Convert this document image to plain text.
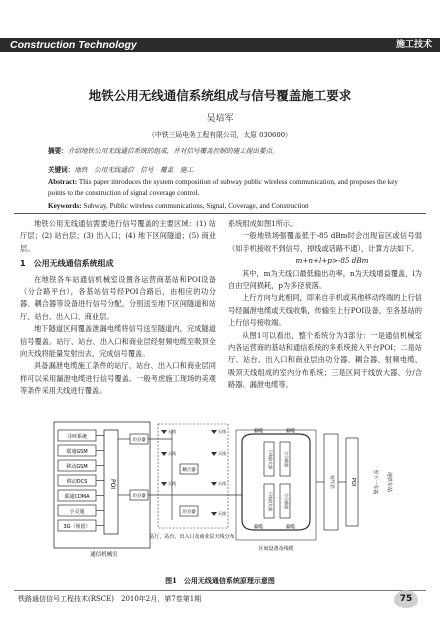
Construction Technology	施工技术
地铁公用无线通信系统组成与信号覆盖施工要求
吴培军
（中铁三局电务工程有限公司，太原 030600）
摘要：介绍地铁公用无线通信系统的组成，并对信号覆盖控制的施工提出要点。
关键词：地铁　公用无线通信　信号　覆盖　施工
Abstract: This paper introduces the system composition of subway public wireless communication, and proposes the key points to the construction of signal coverage control.
Keywords: Subway, Public wireless communications, Signal, Coverage, and Construction

地铁公用无线通信需要进行信号覆盖的主要区域：(1) 站厅层；(2) 站台层；(3) 出入口；(4) 地下区间隧道；(5) 商业层。

1　公用无线通信系统组成

在地铁各车站通信机械室设置各运营商基站和POI设备（分合路平台），各基站信号经POI合路后，由相应的功分器、耦合器等设备进行信号分配，分别送至地下区间隧道和站厅、站台、出入口、商业层。

地下隧道区间覆盖泄漏电缆将信号送至隧道内，完成隧道信号覆盖。站厅、站台、出入口和商业层经射频电缆至吸顶全向天线将能量发射出去，完成信号覆盖。

具备漏泄电缆施工条件的站厅、站台、出入口和商业层同样可以采用漏泄电缆进行信号覆盖。一般考虑施工现场的美观等条件采用天线进行覆盖。

系统组成如图1所示。

一般地铁场强覆盖低于-85 dBm时会出现盲区或信号弱（如手机接收不到信号、掉线或话路不通），计算方法如下。

m+n+l+p>-85 dBm

其中，m为天线口最低输出功率，n为天线增益覆盖，l为自由空间损耗，p为多径衰落。

上行方向与此相同，即来自手机或其他移动终端的上行信号经漏泄电缆或天线收集，传输至上行POI设备，至各基站的上行信号接收端。

从图1可以看出，整个系统分为3部分：一是通信机械室内各运营商的基站和通信系统的多系统接入平台POI；二是站厅、站台、出入口和商业层由功分器、耦合器、射频电缆、吸顶天线组成的室内分布系统；三是区间干线放大器、分/合路器、漏泄电缆等。

寻呼系统
联通GSM
移动GSM
移动DCS
联通CDMA
小灵通
3G（预留）
POI
通信机械室
功分器
功分器
天线	天线
天线	天线
天线
天线
天线
耦合器
功分器
站厅、站台、出入口及商业层天线分布
漏缆	漏缆
漏缆	漏缆
干线放大器	合分路器
干线放大器	合分路器
区间设备及线缆
站厅层	POI	至下一车站 地铁车站
图1　公用无线通信系统原理示意图
铁路通信信号工程技术(RSCE)　2010年2月，第7卷第1期	75
